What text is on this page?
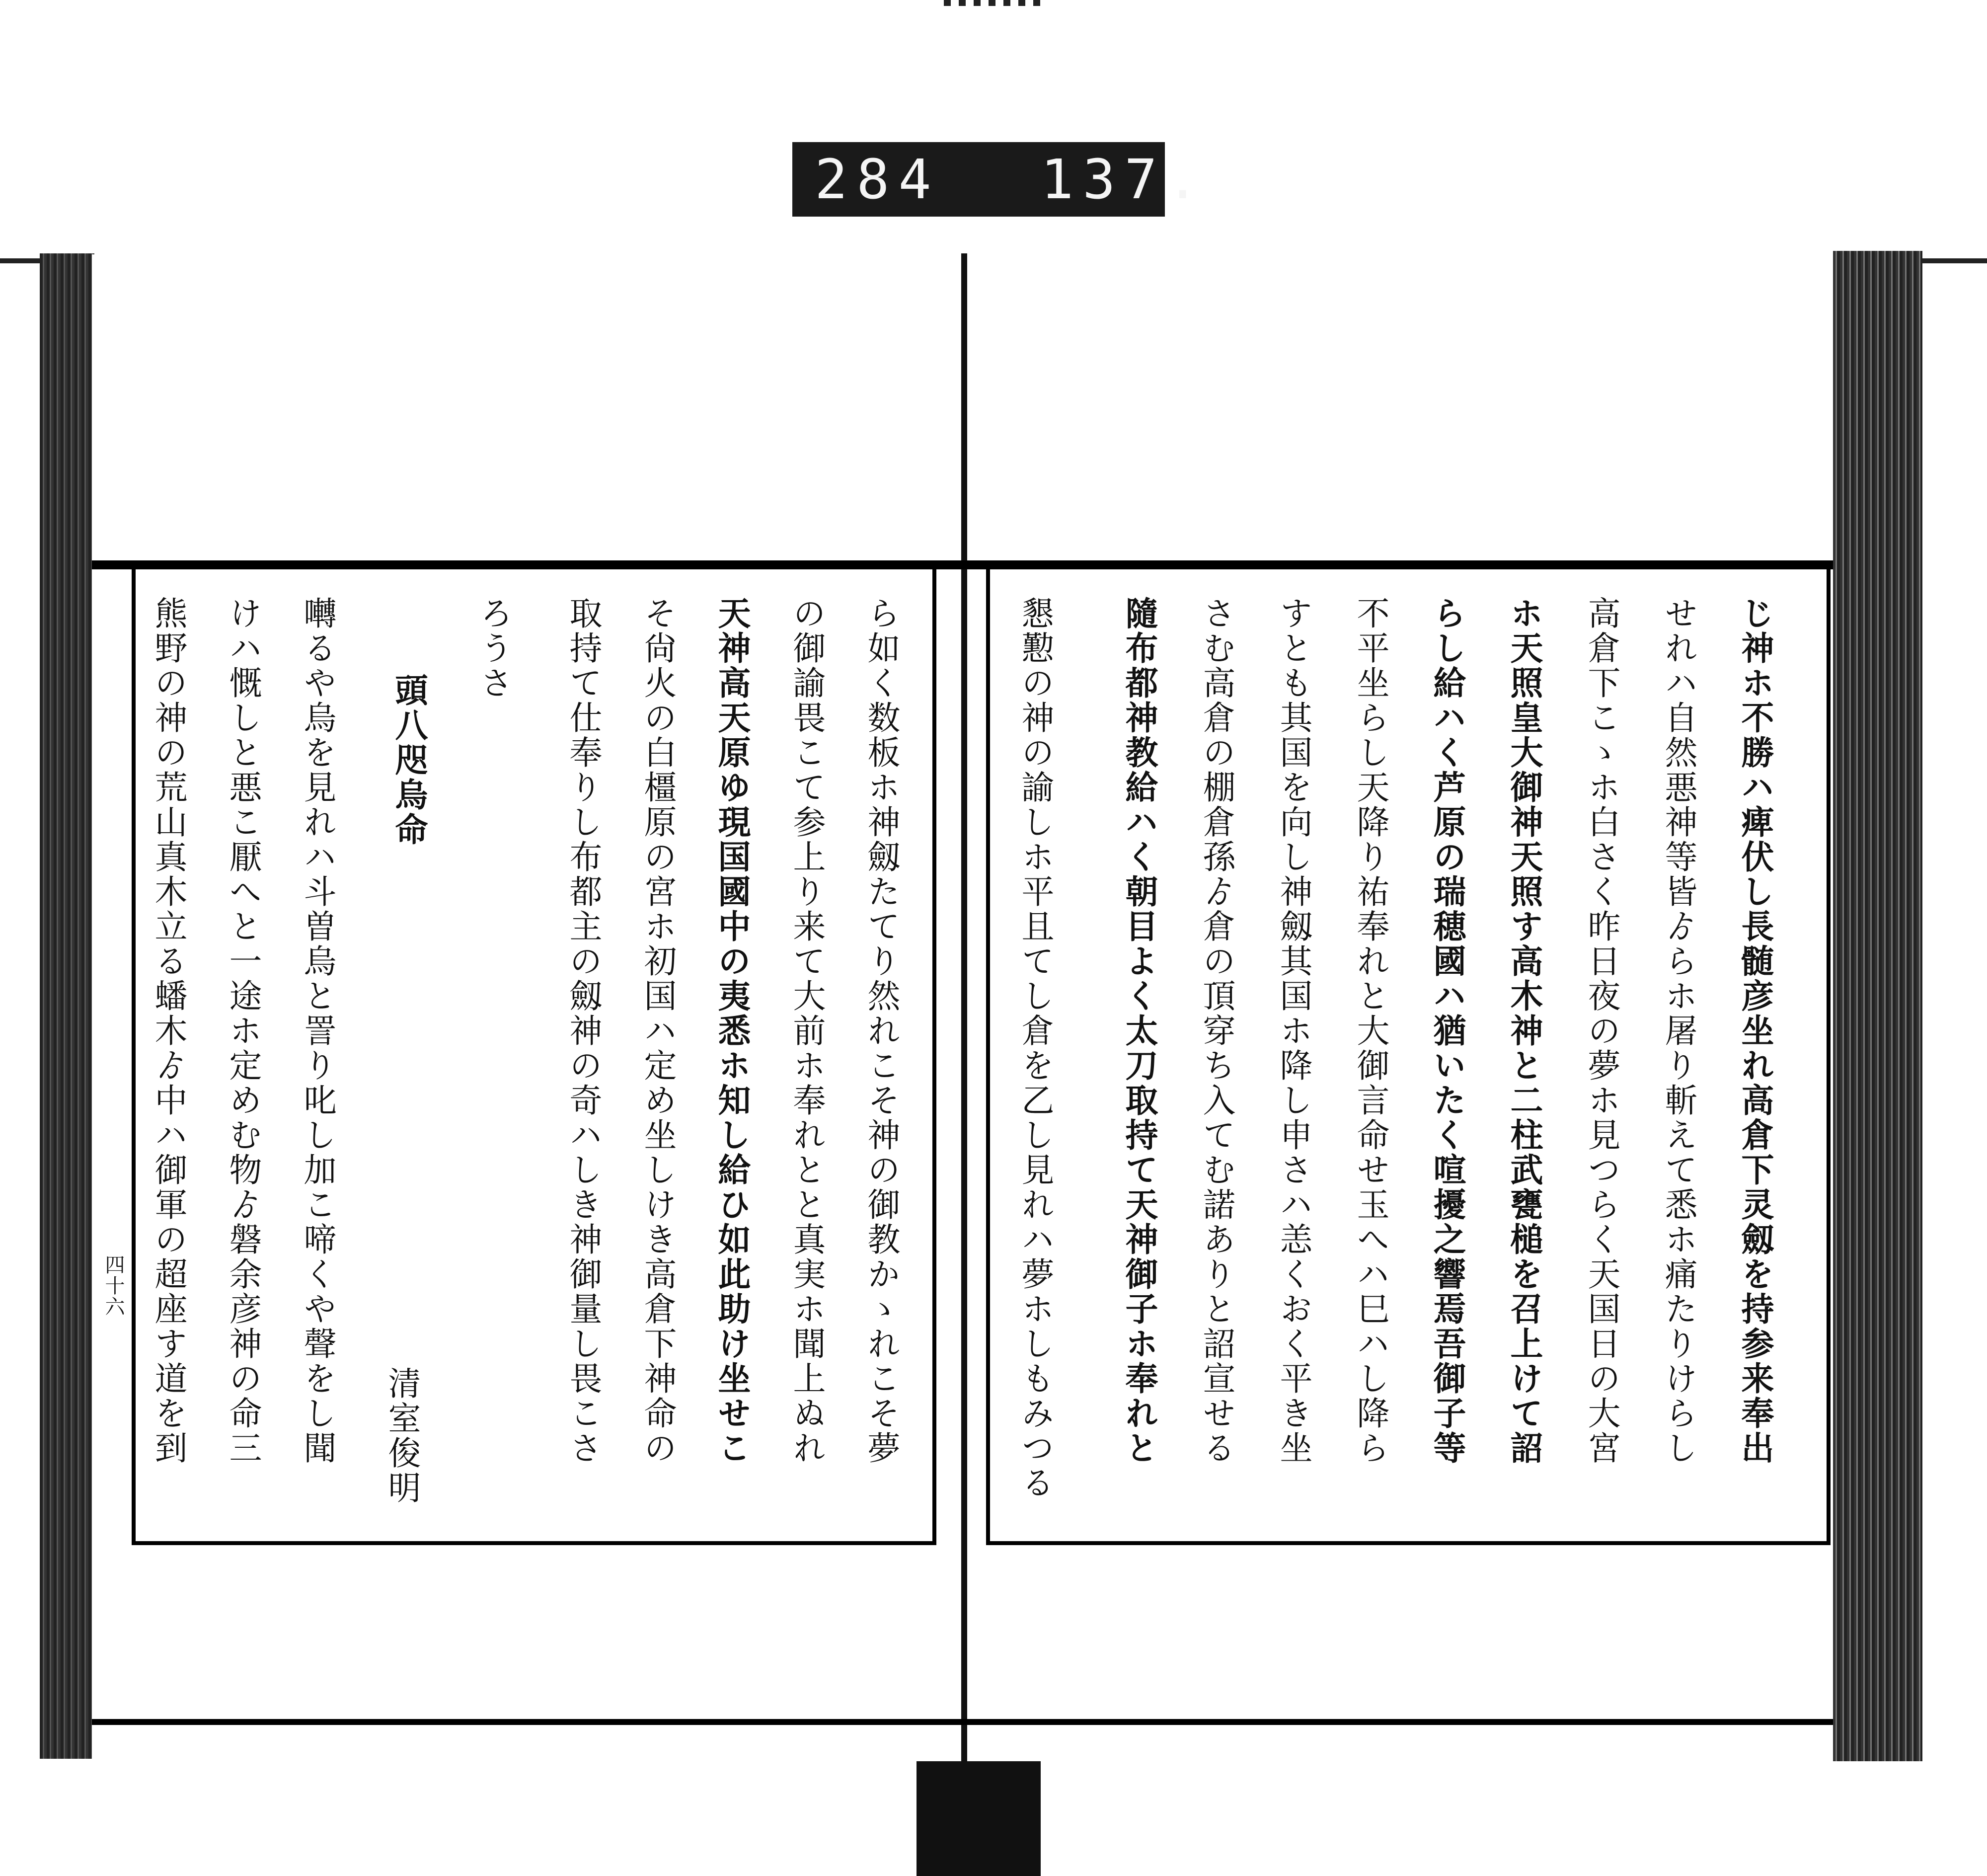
284 137.
じ神ホ不勝ハ痺伏し長髄彦坐れ高倉下灵劔を持参来奉出
せれハ自然悪神等皆ゟらホ屠り斬えて悉ホ痛たりけらし
高倉下こゝホ白さく昨日夜の夢ホ見つらく天国日の大宮
ホ天照皇大御神天照す高木神と二柱武甕槌を召上けて詔
らし給ハく芦原の瑞穂國ハ猶いたく喧擾之響焉吾御子等
不平坐らし天降り祐奉れと大御言命せ玉へハ巳ハし降ら
すとも其国を向し神劔其国ホ降し申さハ恙くおく平き坐
さむ高倉の棚倉孫ゟ倉の頂穿ち入てむ諾ありと詔宣せる
隨布都神教給ハく朝目よく太刀取持て天神御子ホ奉れと
懇懃の神の諭しホ平且てし倉を乙し見れハ夢ホしもみつる
ら如く数板ホ神劔たてり然れこそ神の御教かゝれこそ夢
の御諭畏こて参上り来て大前ホ奉れとと真実ホ聞上ぬれ
天神高天原ゆ現国國中の夷悉ホ知し給ひ如此助け坐せこ
そ尙火の白橿原の宮ホ初国ハ定め坐しけき高倉下神命の
取持て仕奉りし布都主の劔神の奇ハしき神御量し畏こさ
ろうさ
頭八咫烏命
清室俊明
囀るや烏を見れハ斗曽烏と詈り叱し加こ啼くや聲をし聞
けハ慨しと悪こ厭へと一途ホ定めむ物ゟ磐余彦神の命三
熊野の神の荒山真木立る蟠木ゟ中ハ御軍の超座す道を到
四十六
